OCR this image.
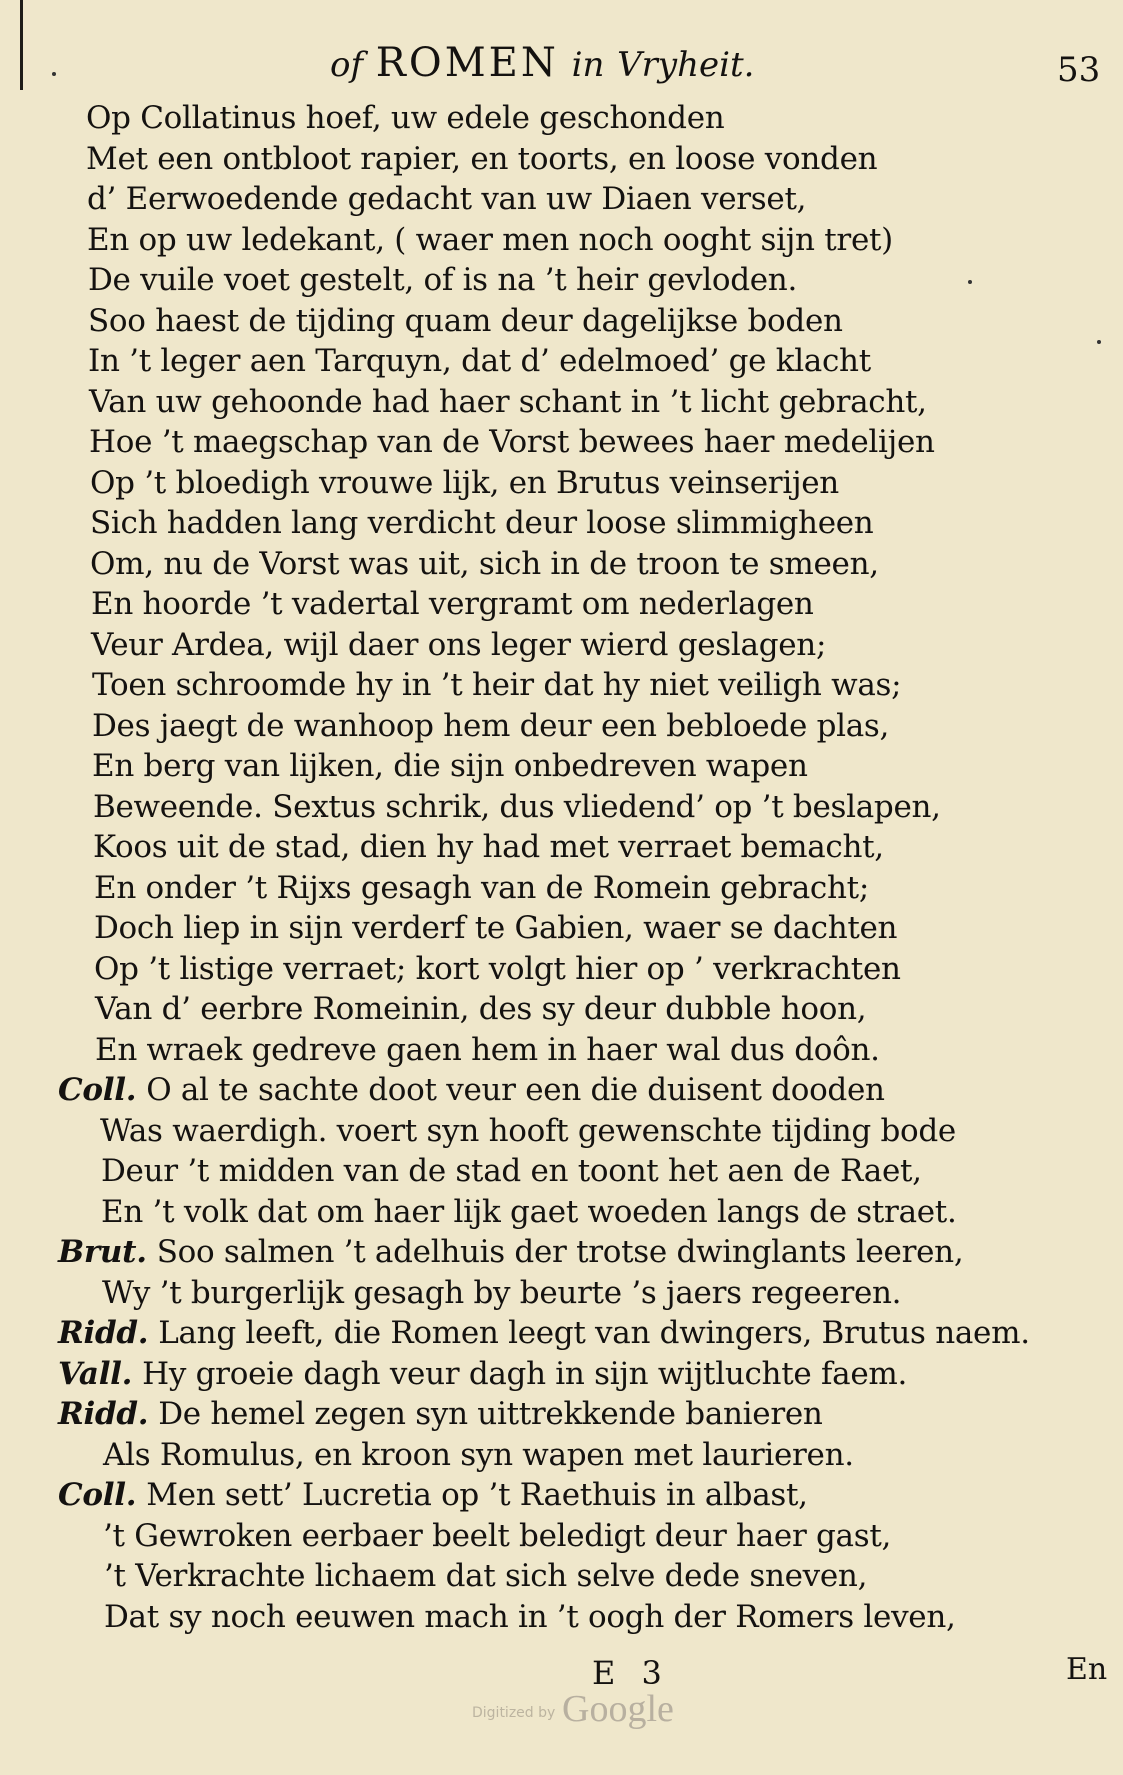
of ROMEN in Vryheit.	53
Op Collatinus hoef, uw edele geschonden
Met een ontbloot rapier, en toorts, en loose vonden
d’ Eerwoedende gedacht van uw Diaen verset,
En op uw ledekant, ( waer men noch ooght sijn tret)
De vuile voet gestelt, of is na ’t heir gevloden.
Soo haest de tijding quam deur dagelijkse boden
In ’t leger aen Tarquyn, dat d’ edelmoed’ ge klacht
Van uw gehoonde had haer schant in ’t licht gebracht,
Hoe ’t maegschap van de Vorst bewees haer medelijen
Op ’t bloedigh vrouwe lijk, en Brutus veinserijen
Sich hadden lang verdicht deur loose slimmigheen
Om, nu de Vorst was uit, sich in de troon te smeen,
En hoorde ’t vadertal vergramt om nederlagen
Veur Ardea, wijl daer ons leger wierd geslagen;
Toen schroomde hy in ’t heir dat hy niet veiligh was;
Des jaegt de wanhoop hem deur een bebloede plas,
En berg van lijken, die sijn onbedreven wapen
Beweende. Sextus schrik, dus vliedend’ op ’t beslapen,
Koos uit de stad, dien hy had met verraet bemacht,
En onder ’t Rijxs gesagh van de Romein gebracht;
Doch liep in sijn verderf te Gabien, waer se dachten
Op ’t listige verraet; kort volgt hier op ’ verkrachten
Van d’ eerbre Romeinin, des sy deur dubble hoon,
En wraek gedreve gaen hem in haer wal dus doôn.
Coll. O al te sachte doot veur een die duisent dooden
Was waerdigh. voert syn hooft gewenschte tijding bode
Deur ’t midden van de stad en toont het aen de Raet,
En ’t volk dat om haer lijk gaet woeden langs de straet.
Brut. Soo salmen ’t adelhuis der trotse dwinglants leeren,
Wy ’t burgerlijk gesagh by beurte ’s jaers regeeren.
Ridd. Lang leeft, die Romen leegt van dwingers, Brutus naem.
Vall. Hy groeie dagh veur dagh in sijn wijtluchte faem.
Ridd. De hemel zegen syn uittrekkende banieren
Als Romulus, en kroon syn wapen met laurieren.
Coll. Men sett’ Lucretia op ’t Raethuis in albast,
’t Gewroken eerbaer beelt beledigt deur haer gast,
’t Verkrachte lichaem dat sich selve dede sneven,
Dat sy noch eeuwen mach in ’t oogh der Romers leven,
E 3	En
Digitized by Google
